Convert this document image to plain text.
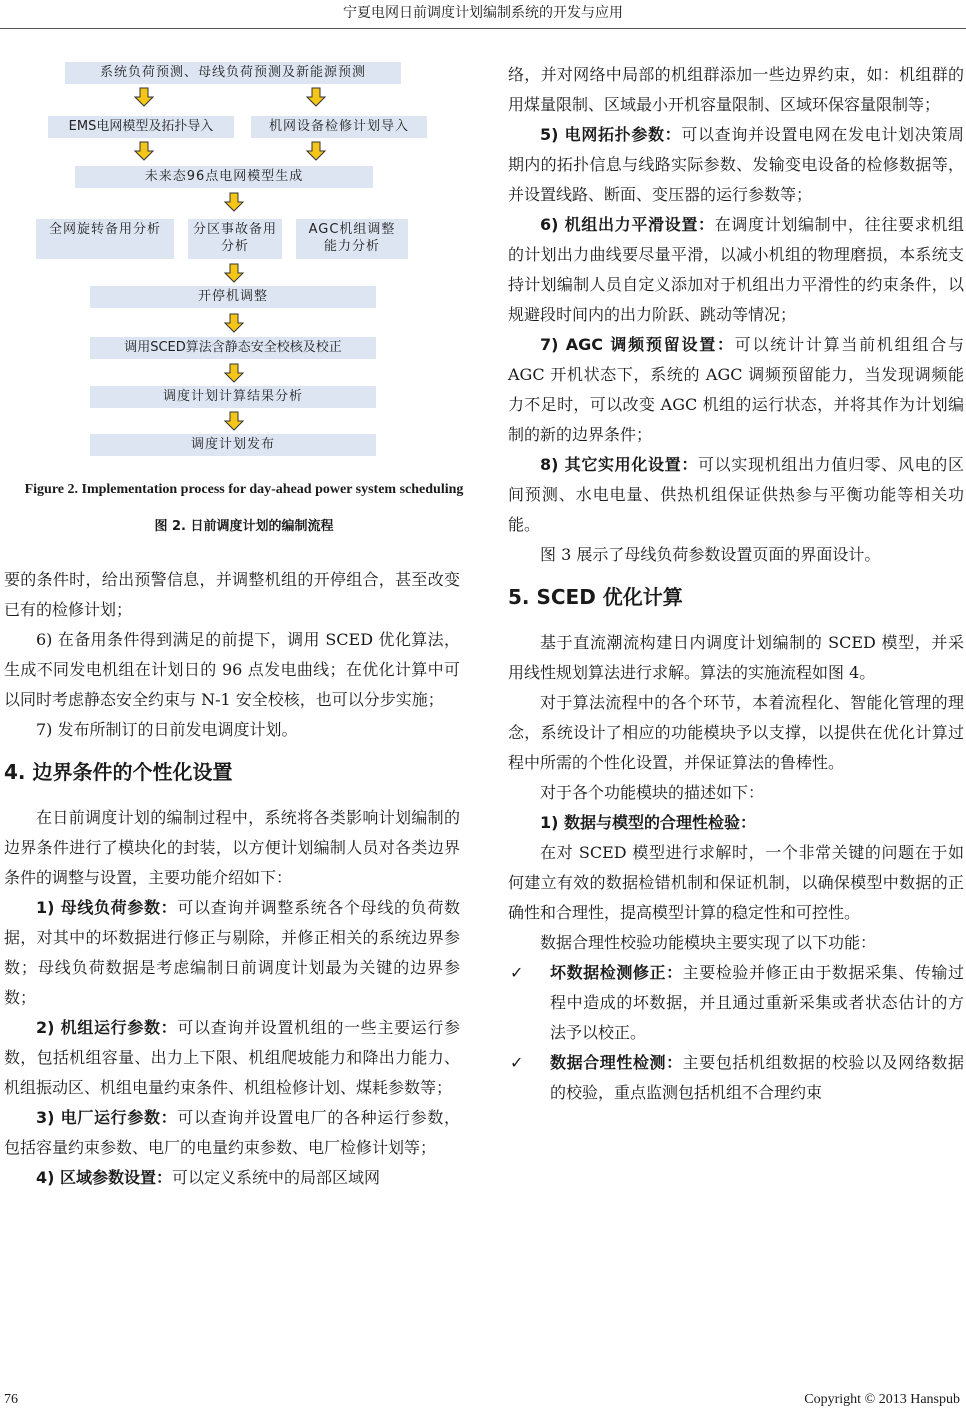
宁夏电网日前调度计划编制系统的开发与应用
系统负荷预测、母线负荷预测及新能源预测
EMS电网模型及拓扑导入	机网设备检修计划导入
未来态96点电网模型生成
全网旋转备用分析	分区事故备用分析
AGC机组调整能力分析
开停机调整
调用SCED算法含静态安全校核及校正
调度计划计算结果分析
调度计划发布
Figure 2. Implementation process for day-ahead power system scheduling
图 2. 日前调度计划的编制流程

要的条件时，给出预警信息，并调整机组的开停组合，甚至改变已有的检修计划；

6) 在备用条件得到满足的前提下，调用 SCED 优化算法，生成不同发电机组在计划日的 96 点发电曲线；在优化计算中可以同时考虑静态安全约束与 N-1 安全校核，也可以分步实施；

7) 发布所制订的日前发电调度计划。

4. 边界条件的个性化设置

在日前调度计划的编制过程中，系统将各类影响计划编制的边界条件进行了模块化的封装，以方便计划编制人员对各类边界条件的调整与设置，主要功能介绍如下：

1) 母线负荷参数：可以查询并调整系统各个母线的负荷数据，对其中的坏数据进行修正与剔除，并修正相关的系统边界参数；母线负荷数据是考虑编制日前调度计划最为关键的边界参数；

2) 机组运行参数：可以查询并设置机组的一些主要运行参数，包括机组容量、出力上下限、机组爬坡能力和降出力能力、机组振动区、机组电量约束条件、机组检修计划、煤耗参数等；

3) 电厂运行参数：可以查询并设置电厂的各种运行参数，包括容量约束参数、电厂的电量约束参数、电厂检修计划等；

4) 区域参数设置：可以定义系统中的局部区域网

络，并对网络中局部的机组群添加一些边界约束，如：机组群的用煤量限制、区域最小开机容量限制、区域环保容量限制等；

5) 电网拓扑参数：可以查询并设置电网在发电计划决策周期内的拓扑信息与线路实际参数、发输变电设备的检修数据等，并设置线路、断面、变压器的运行参数等；

6) 机组出力平滑设置：在调度计划编制中，往往要求机组的计划出力曲线要尽量平滑，以减小机组的物理磨损，本系统支持计划编制人员自定义添加对于机组出力平滑性的约束条件，以规避段时间内的出力阶跃、跳动等情况；

7) AGC 调频预留设置：可以统计计算当前机组组合与 AGC 开机状态下，系统的 AGC 调频预留能力，当发现调频能力不足时，可以改变 AGC 机组的运行状态，并将其作为计划编制的新的边界条件；

8) 其它实用化设置：可以实现机组出力值归零、风电的区间预测、水电电量、供热机组保证供热参与平衡功能等相关功能。

图 3 展示了母线负荷参数设置页面的界面设计。

5. SCED 优化计算

基于直流潮流构建日内调度计划编制的 SCED 模型，并采用线性规划算法进行求解。算法的实施流程如图 4。

对于算法流程中的各个环节，本着流程化、智能化管理的理念，系统设计了相应的功能模块予以支撑，以提供在优化计算过程中所需的个性化设置，并保证算法的鲁棒性。

对于各个功能模块的描述如下：

1) 数据与模型的合理性检验：

在对 SCED 模型进行求解时，一个非常关键的问题在于如何建立有效的数据检错机制和保证机制，以确保模型中数据的正确性和合理性，提高模型计算的稳定性和可控性。

数据合理性校验功能模块主要实现了以下功能：

✓ 坏数据检测修正：主要检验并修正由于数据采集、传输过程中造成的坏数据，并且通过重新采集或者状态估计的方法予以校正。

✓ 数据合理性检测：主要包括机组数据的校验以及网络数据的校验，重点监测包括机组不合理约束

76	Copyright © 2013 Hanspub
